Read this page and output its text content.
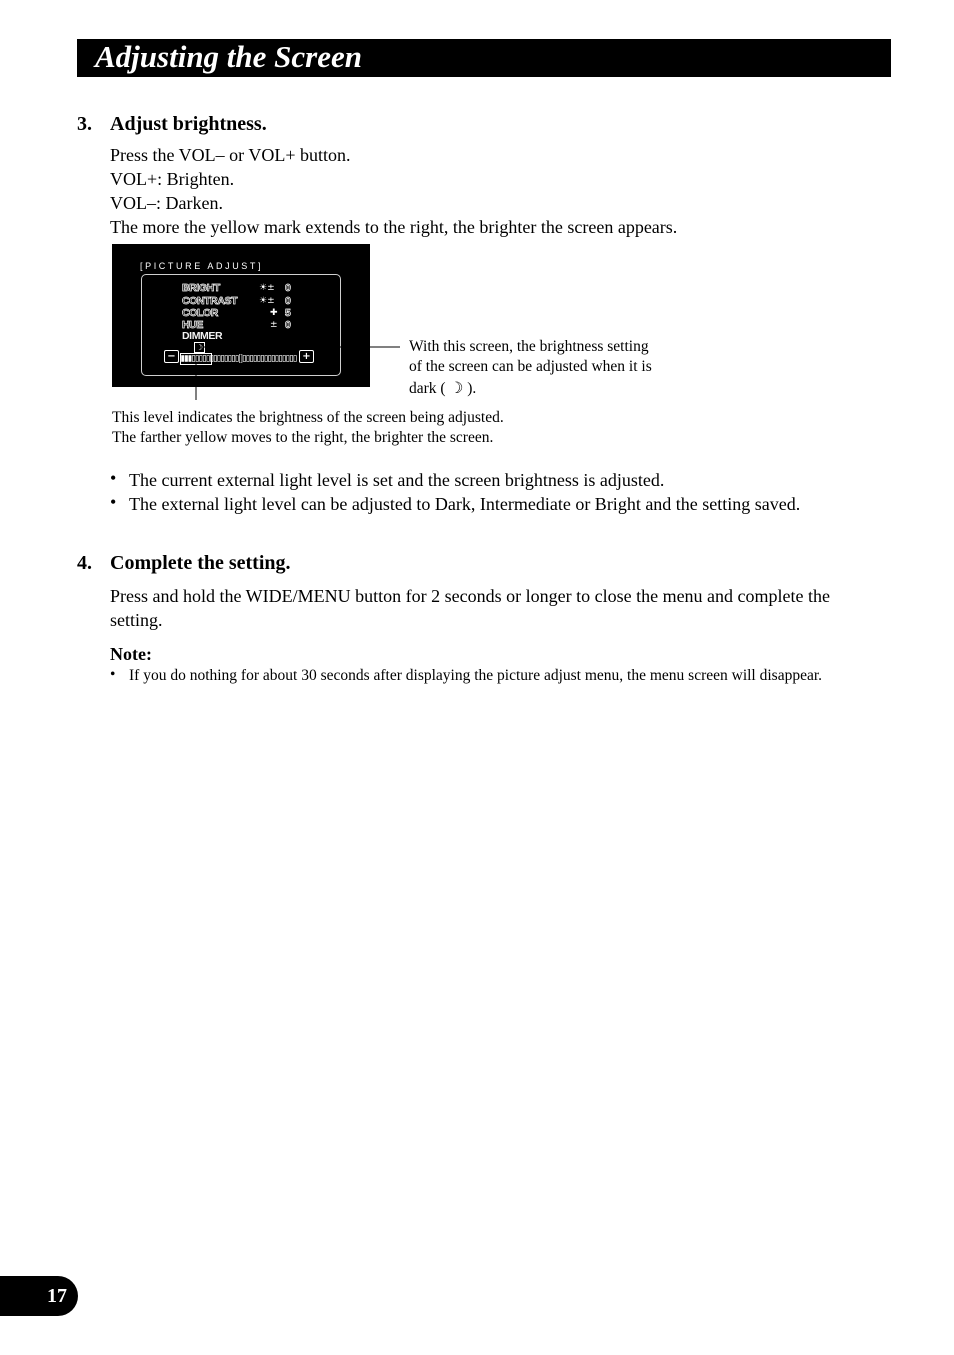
Adjusting the Screen
3. Adjust brightness.
Press the VOL– or VOL+ button.
VOL+: Brighten.
VOL–: Darken.
The more the yellow mark extends to the right, the brighter the screen appears.
[PICTURE ADJUST]
BRIGHT	☀± 0
CONTRAST ☀± 0
COLOR	✚ 5
HUE	± 0
DIMMER
☽
−	+
With this screen, the brightness setting
of the screen can be adjusted when it is
dark ( ☽ ).
This level indicates the brightness of the screen being adjusted.
The farther yellow moves to the right, the brighter the screen.
• The current external light level is set and the screen brightness is adjusted.
• The external light level can be adjusted to Dark, Intermediate or Bright and the setting saved.
4. Complete the setting.
Press and hold the WIDE/MENU button for 2 seconds or longer to close the menu and complete the setting.
Note:
• If you do nothing for about 30 seconds after displaying the picture adjust menu, the menu screen will disappear.
17
